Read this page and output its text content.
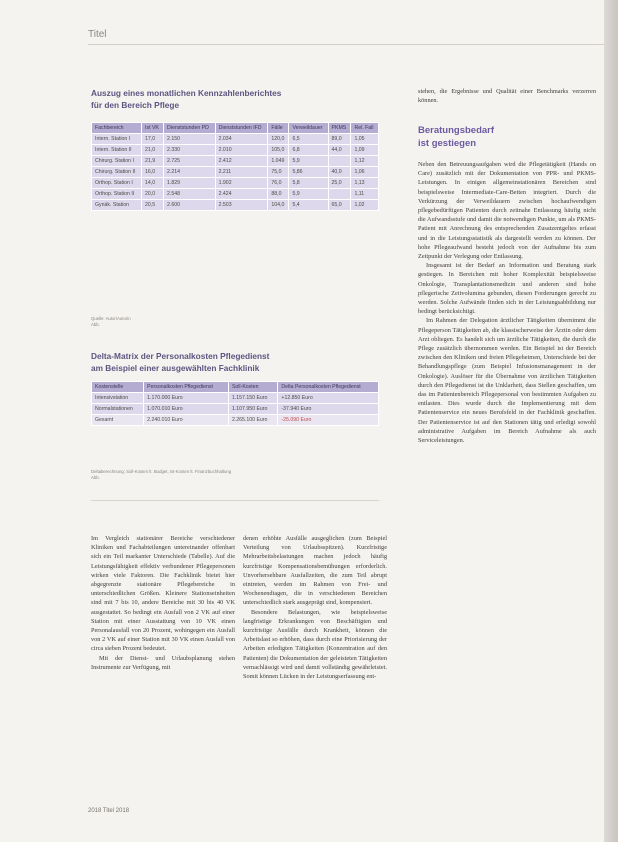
Titel
Auszug eines monatlichen Kennzahlenberichtes
für den Bereich Pflege
Fachbereich	Ist VK	Dienststunden PD	Dienststunden IFD	Fälle	Verweildauer	PKMS	Rel. Fall
Intern. Station I	17,0	2.150	2.034	120,0	6,5	89,0	1,05
Intern. Station II	21,0	2.330	2.010	105,0	6,8	44,0	1,09
Chirurg. Station I	21,9	2.725	2.412	1.049	5,9		1,12
Chirurg. Station II	16,0	2.214	2.211	75,0	5,86	40,0	1,06
Orthop. Station I	14,0	1.829	1.902	76,0	5,8	25,0	1,13
Orthop. Station II	20,0	2.548	2.424	88,0	5,9		1,11
Gynäk. Station	20,5	2.600	2.503	104,0	5,4	65,0	1,02
Quelle: Autor/Autorin
Abb.
Delta-Matrix der Personalkosten Pflegedienst
am Beispiel einer ausgewählten Fachklinik
Kostenstelle	Personalkosten Pflegedienst	Soll-Kosten	Delta Personalkosten Pflegedienst
Intensivstation	1.170.000 Euro	1.157.150 Euro	+12.850 Euro
Normalstationen	1.070.010 Euro	1.107.950 Euro	-37.940 Euro
Gesamt	2.240.010 Euro	2.265.100 Euro	-25.090 Euro
Deltaberechnung: Soll-Kosten lt. Budget, Ist-Kosten lt. Finanzbuchhaltung
Abb.

Im Vergleich stationärer Bereiche verschiedener Kliniken und Fachabteilungen untereinander offenbart sich ein Teil markanter Unterschiede (Tabelle). Auf die Leistungsfähigkeit effektiv verbundener Pflegepersonen wirken viele Faktoren. Die Fachklinik bietet hier abgegrenzte stationäre Pflegebereiche in unterschiedlichen Größen. Kleinere Stationseinheiten sind mit 7 bis 10, andere Bereiche mit 30 bis 40 VK ausgestattet. So bedingt ein Ausfall von 2 VK auf einer Station mit einer Ausstattung von 10 VK einen Personalausfall von 20 Prozent, wohingegen ein Ausfall von 2 VK auf einer Station mit 30 VK einen Ausfall von circa sieben Prozent bedeutet.

Mit der Dienst- und Urlaubsplanung stehen Instrumente zur Verfügung, mit

denen erhöhte Ausfälle ausgeglichen (zum Beispiel Verteilung von Urlaubsspitzen). Kurzfristige Mehrarbeitsbelastungen machen jedoch häufig kurzfristige Kompensationsbemühungen erforderlich. Unvorhersehbare Ausfallzeiten, die zum Teil abrupt eintreten, werden im Rahmen von Frei- und Wochenendtagen, die in verschiedenen Bereichen unterschiedlich stark ausgeprägt sind, kompensiert.

Besondere Belastungen, wie beispielsweise langfristige Erkrankungen von Beschäftigten und kurzfristige Ausfälle durch Krankheit, können die Arbeitslast so erhöhen, dass durch eine Priorisierung der Arbeiten erledigten Tätigkeiten (Konzentration auf den Patienten) die Dokumentation der geleisteten Tätigkeiten vernachlässigt wird und damit vollständig gewährleistet. Somit können Lücken in der Leistungserfassung ent-

stehen, die Ergebnisse und Qualität einer Benchmarks verzerren können.

Beratungsbedarf
ist gestiegen

Neben den Betreuungsaufgaben wird die Pflegetätigkeit (Hands on Care) zusätzlich mit der Dokumentation von PPR- und PKMS-Leistungen. In einigen allgemeinstationären Bereichen sind beispielsweise Intermediate-Care-Betten integriert. Durch die Verkürzung der Verweildauern zwischen hochaufwendigen pflegebedürftigen Patienten durch zeitnahe Entlassung häufig nicht die Aufwandsstufe und damit die notwendigen Punkte, um als PKMS-Patient mit Anrechnung des entsprechenden Zusatzentgeltes erfasst und in die Leistungsstatistik als dargestellt werden zu können. Der hohe Pflegeaufwand besteht jedoch von der Aufnahme bis zum Zeitpunkt der Verlegung oder Entlassung.

Insgesamt ist der Bedarf an Information und Beratung stark gestiegen. In Bereichen mit hoher Komplexität beispielsweise Onkologie, Transplantationsmedizin und anderen sind hohe pflegerische Zeitvolumina gebunden, diesen Forderungen gerecht zu werden. Solche Aufwände finden sich in der Leistungsabbildung nur bedingt berücksichtigt.

Im Rahmen der Delegation ärztlicher Tätigkeiten übernimmt die Pflegeperson Tätigkeiten ab, die klassischerweise der Ärztin oder dem Arzt obliegen. Es handelt sich um ärztliche Tätigkeiten, die durch die Pflege zusätzlich übernommen werden. Ein Beispiel ist der Bereich zwischen den Kliniken und freien Pflegeheimen, Unterschiede bei der Behandlungspflege (zum Beispiel Infusionsmanagement in der Onkologie). Auslöser für die Übernahme von ärztlichen Tätigkeiten durch den Pflegedienst ist die Unklarheit, dass Stellen geschaffen, um das im Patientenbereich Pflegepersonal von bestimmten Aufgaben zu entlasten. Dies wurde durch die Implementierung mit dem Patientenservice ein neues Berufsfeld in der Fachklinik geschaffen. Der Patientenservice ist auf den Stationen tätig und erledigt sowohl administrative Aufgaben im Bereich Aufnahme als auch Serviceleistungen.

2018 Titel 2018
